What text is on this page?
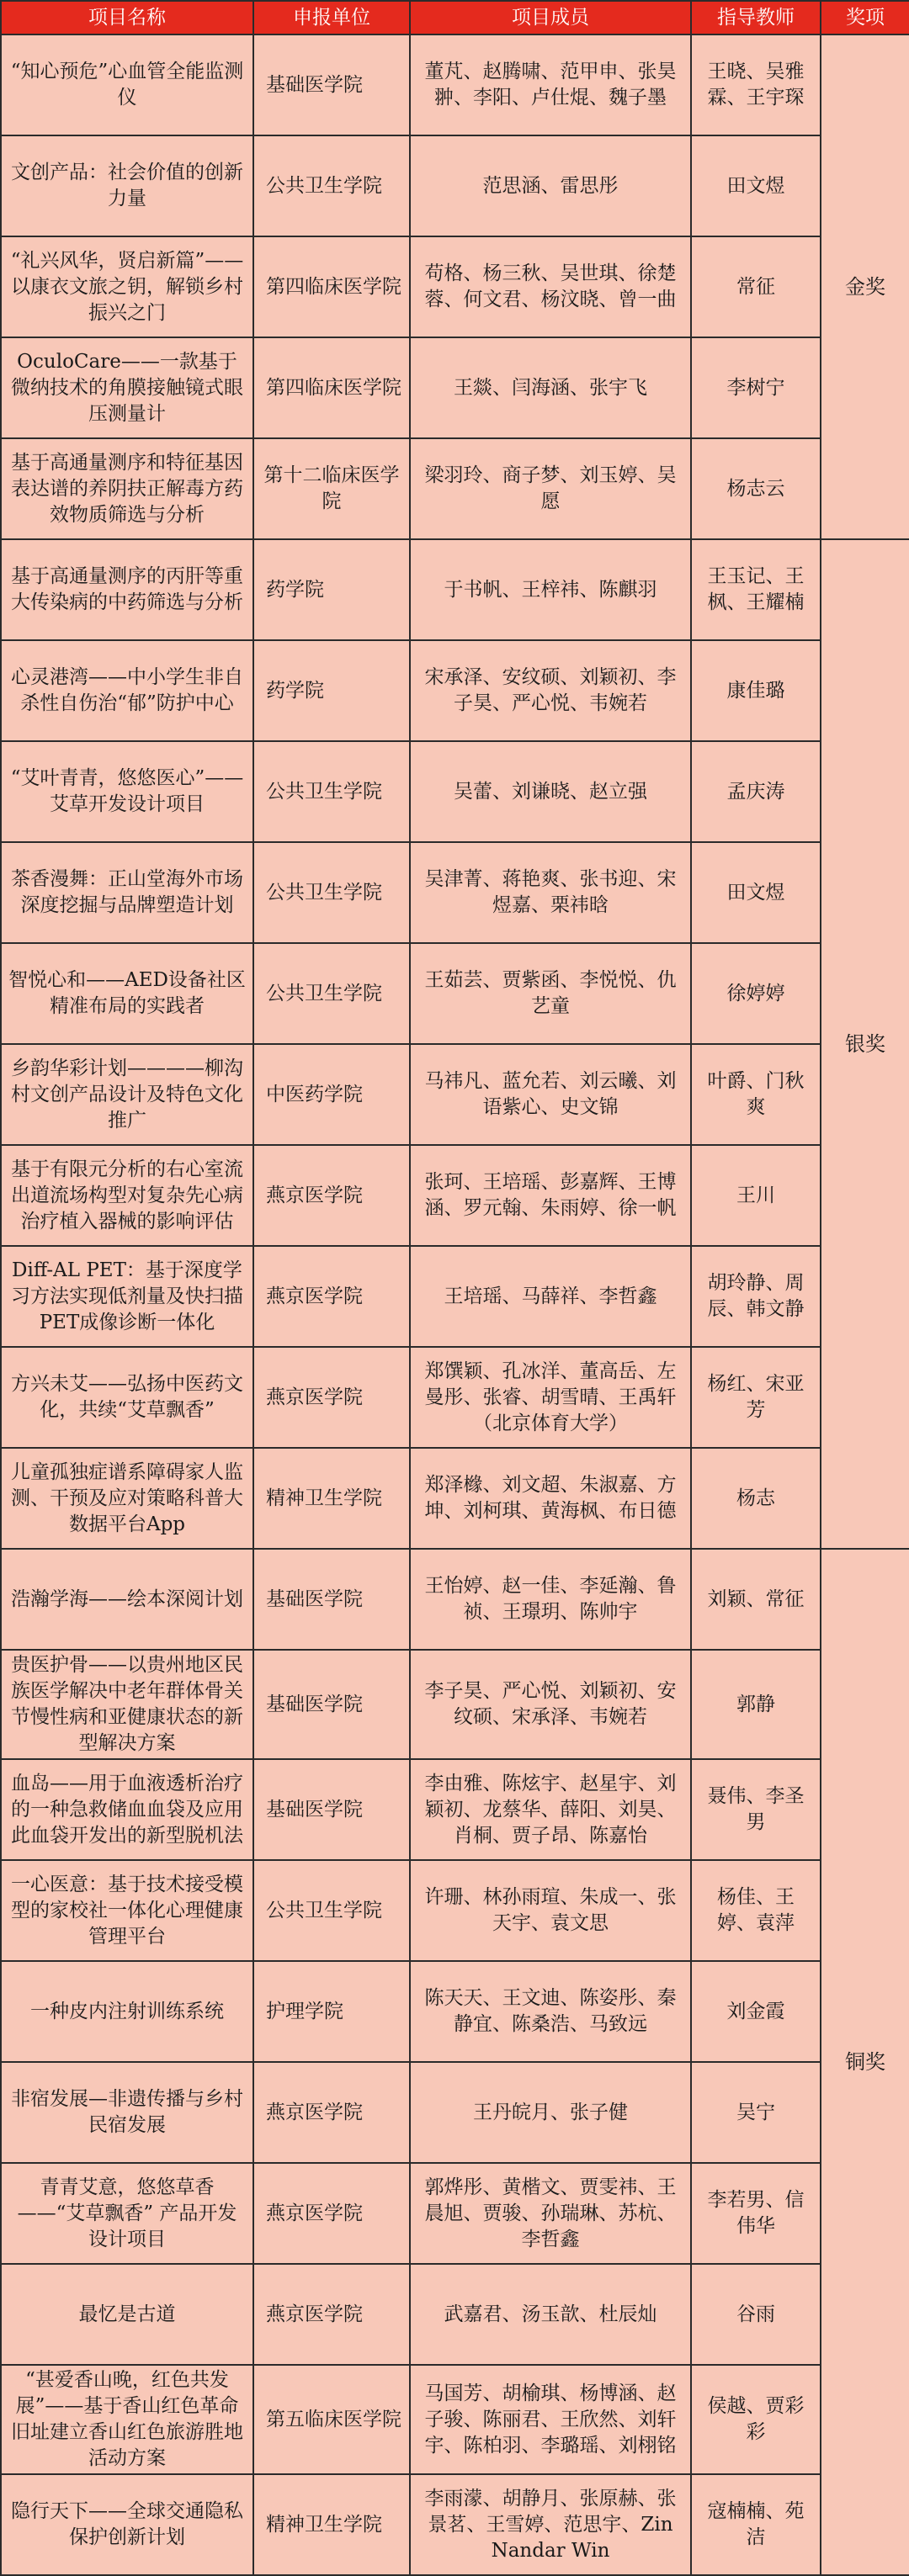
项目名称	申报单位	项目成员	指导教师	奖项
“知心预危”心血管全能监测仪	基础医学院	董芃、赵腾啸、范甲申、张昊翀、李阳、卢仕焜、魏子墨	王晓、吴雅霖、王宇琛	金奖
文创产品：社会价值的创新力量	公共卫生学院	范思涵、雷思彤	田文煜	
“礼兴风华，贤启新篇”——以康衣文旅之钥，解锁乡村振兴之门	第四临床医学院	苟格、杨三秋、吴世琪、徐楚蓉、何文君、杨汶晓、曾一曲	常征	
OculoCare——一款基于微纳技术的角膜接触镜式眼压测量计	第四临床医学院	王燚、闫海涵、张宇飞	李树宁	
基于高通量测序和特征基因表达谱的养阴扶正解毒方药效物质筛选与分析	第十二临床医学院	梁羽玲、商子梦、刘玉婷、吴愿	杨志云	
基于高通量测序的丙肝等重大传染病的中药筛选与分析	药学院	于书帆、王梓祎、陈麒羽	王玉记、王枫、王耀楠	银奖
心灵港湾——中小学生非自杀性自伤治“郁”防护中心	药学院	宋承泽、安纹硕、刘颖初、李子昊、严心悦、韦婉若	康佳璐	
“艾叶青青，悠悠医心”——艾草开发设计项目	公共卫生学院	吴蕾、刘谦晓、赵立强	孟庆涛	
茶香漫舞：正山堂海外市场深度挖掘与品牌塑造计划	公共卫生学院	吴津菁、蒋艳爽、张书迎、宋煜嘉、栗祎晗	田文煜	
智悦心和——AED设备社区精准布局的实践者	公共卫生学院	王茹芸、贾紫函、李悦悦、仇艺童	徐婷婷	
乡韵华彩计划————柳沟村文创产品设计及特色文化推广	中医药学院	马祎凡、蓝允若、刘云曦、刘语紫心、史文锦	叶爵、门秋爽	
基于有限元分析的右心室流出道流场构型对复杂先心病治疗植入器械的影响评估	燕京医学院	张珂、王培瑶、彭嘉辉、王博涵、罗元翰、朱雨婷、徐一帆	王川	
Diff-AL PET：基于深度学习方法实现低剂量及快扫描PET成像诊断一体化	燕京医学院	王培瑶、马薛祥、李哲鑫	胡玲静、周辰、韩文静	
方兴未艾——弘扬中医药文化，共续“艾草飘香”	燕京医学院	郑馔颖、孔冰洋、董高岳、左曼彤、张睿、胡雪晴、王禹轩（北京体育大学）	杨红、宋亚芳	
儿童孤独症谱系障碍家人监测、干预及应对策略科普大数据平台App	精神卫生学院	郑泽橼、刘文超、朱淑嘉、方坤、刘柯琪、黄海枫、布日德	杨志	
浩瀚学海——绘本深阅计划	基础医学院	王怡婷、赵一佳、李延瀚、鲁祯、王璟玥、陈帅宇	刘颖、常征	铜奖
贵医护骨——以贵州地区民族医学解决中老年群体骨关节慢性病和亚健康状态的新型解决方案	基础医学院	李子昊、严心悦、刘颖初、安纹硕、宋承泽、韦婉若	郭静	
血岛——用于血液透析治疗的一种急救储血血袋及应用此血袋开发出的新型脱机法	基础医学院	李由雅、陈炫宇、赵星宇、刘颖初、龙蔡华、薛阳、刘昊、肖桐、贾子昂、陈嘉怡	聂伟、李圣男	
一心医意：基于技术接受模型的家校社一体化心理健康管理平台	公共卫生学院	许珊、林孙雨瑄、朱成一、张天宇、袁文思	杨佳、王婷、袁萍	
一种皮内注射训练系统	护理学院	陈天天、王文迪、陈姿彤、秦静宜、陈桑浩、马致远	刘金霞	
非宿发展—非遗传播与乡村民宿发展	燕京医学院	王丹皖月、张子健	吴宁	
青青艾意，悠悠草香——“艾草飘香” 产品开发设计项目	燕京医学院	郭烨彤、黄楷文、贾雯祎、王晨旭、贾骏、孙瑞琳、苏杭、李哲鑫	李若男、信伟华	
最忆是古道	燕京医学院	武嘉君、汤玉歆、杜辰灿	谷雨	
“甚爱香山晚，红色共发展”——基于香山红色革命旧址建立香山红色旅游胜地活动方案	第五临床医学院	马国芳、胡榆琪、杨博涵、赵子骏、陈丽君、王欣然、刘轩宇、陈柏羽、李璐瑶、刘栩铭	侯越、贾彩彩	
隐行天下——全球交通隐私保护创新计划	精神卫生学院	李雨濛、胡静月、张原赫、张景茗、王雪婷、范思宇、Zin Nandar Win	寇楠楠、苑洁	
